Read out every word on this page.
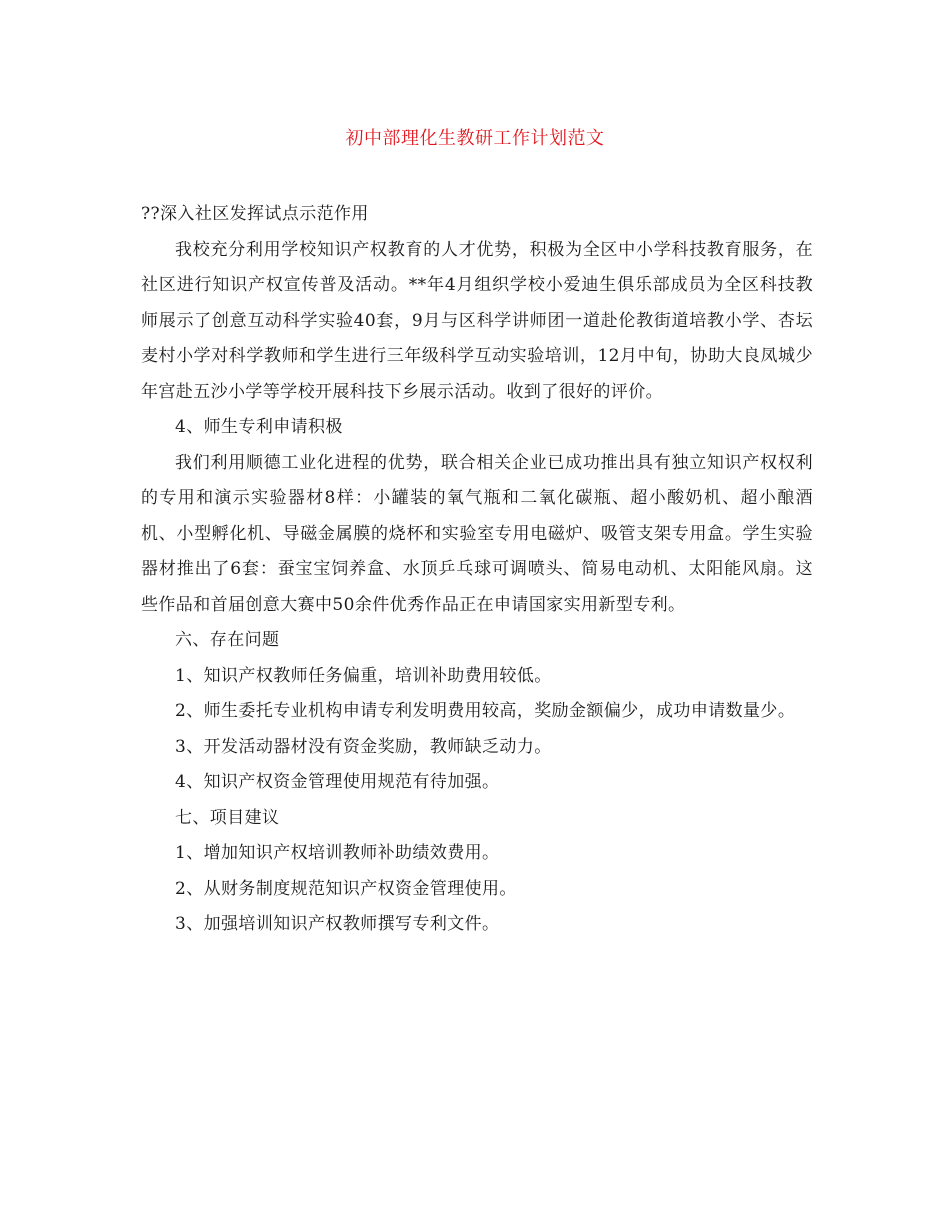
初中部理化生教研工作计划范文

??深入社区发挥试点示范作用

我校充分利用学校知识产权教育的人才优势，积极为全区中小学科技教育服务，在社区进行知识产权宣传普及活动。**年4月组织学校小爱迪生俱乐部成员为全区科技教师展示了创意互动科学实验40套，9月与区科学讲师团一道赴伦教街道培教小学、杏坛麦村小学对科学教师和学生进行三年级科学互动实验培训，12月中旬，协助大良凤城少年宫赴五沙小学等学校开展科技下乡展示活动。收到了很好的评价。

4、师生专利申请积极

我们利用顺德工业化进程的优势，联合相关企业已成功推出具有独立知识产权权利的专用和演示实验器材8样：小罐装的氧气瓶和二氧化碳瓶、超小酸奶机、超小酿酒机、小型孵化机、导磁金属膜的烧杯和实验室专用电磁炉、吸管支架专用盒。学生实验器材推出了6套：蚕宝宝饲养盒、水顶乒乓球可调喷头、简易电动机、太阳能风扇。这些作品和首届创意大赛中50余件优秀作品正在申请国家实用新型专利。

六、存在问题

1、知识产权教师任务偏重，培训补助费用较低。

2、师生委托专业机构申请专利发明费用较高，奖励金额偏少，成功申请数量少。

3、开发活动器材没有资金奖励，教师缺乏动力。

4、知识产权资金管理使用规范有待加强。

七、项目建议

1、增加知识产权培训教师补助绩效费用。

2、从财务制度规范知识产权资金管理使用。

3、加强培训知识产权教师撰写专利文件。
